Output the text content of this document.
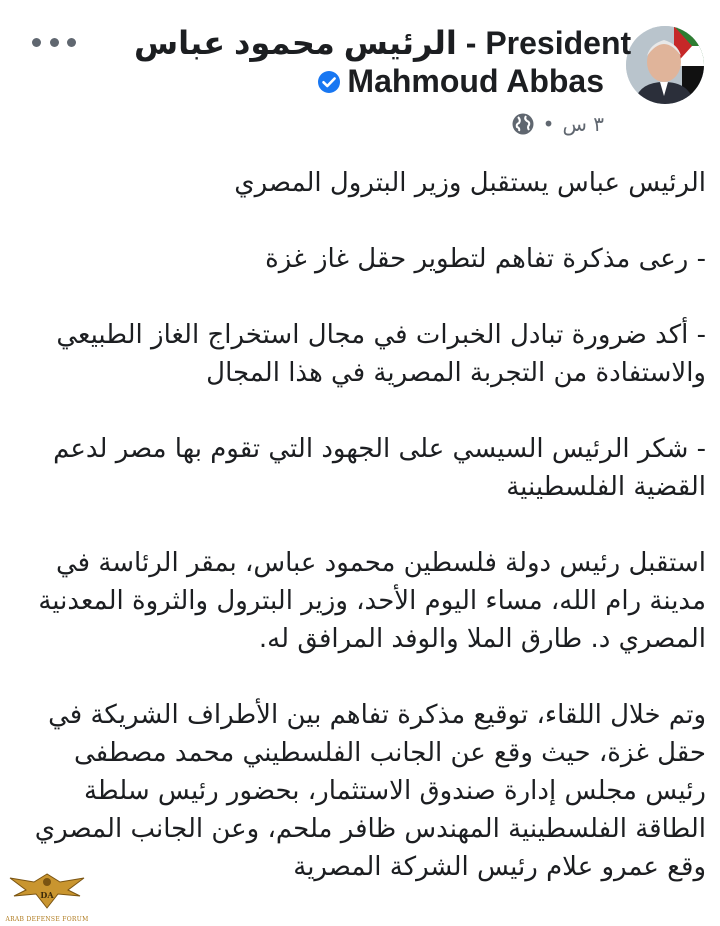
الرئيس محمود عباس - President
Mahmoud Abbas
٣ س
•

الرئيس عباس يستقبل وزير البترول المصري

- رعى مذكرة تفاهم لتطوير حقل غاز غزة

- أكد ضرورة تبادل الخبرات في مجال استخراج الغاز الطبيعي والاستفادة من التجربة المصرية في هذا المجال

- شكر الرئيس السيسي على الجهود التي تقوم بها مصر لدعم القضية الفلسطينية

استقبل رئيس دولة فلسطين محمود عباس، بمقر الرئاسة في مدينة رام الله، مساء اليوم الأحد، وزير البترول والثروة المعدنية المصري د. طارق الملا والوفد المرافق له.

وتم خلال اللقاء، توقيع مذكرة تفاهم بين الأطراف الشريكة في حقل غزة، حيث وقع عن الجانب الفلسطيني محمد مصطفى رئيس مجلس إدارة صندوق الاستثمار، بحضور رئيس سلطة الطاقة الفلسطينية المهندس ظافر ملحم، وعن الجانب المصري وقع عمرو علام رئيس الشركة المصرية

DA
ARAB DEFENSE FORUM
